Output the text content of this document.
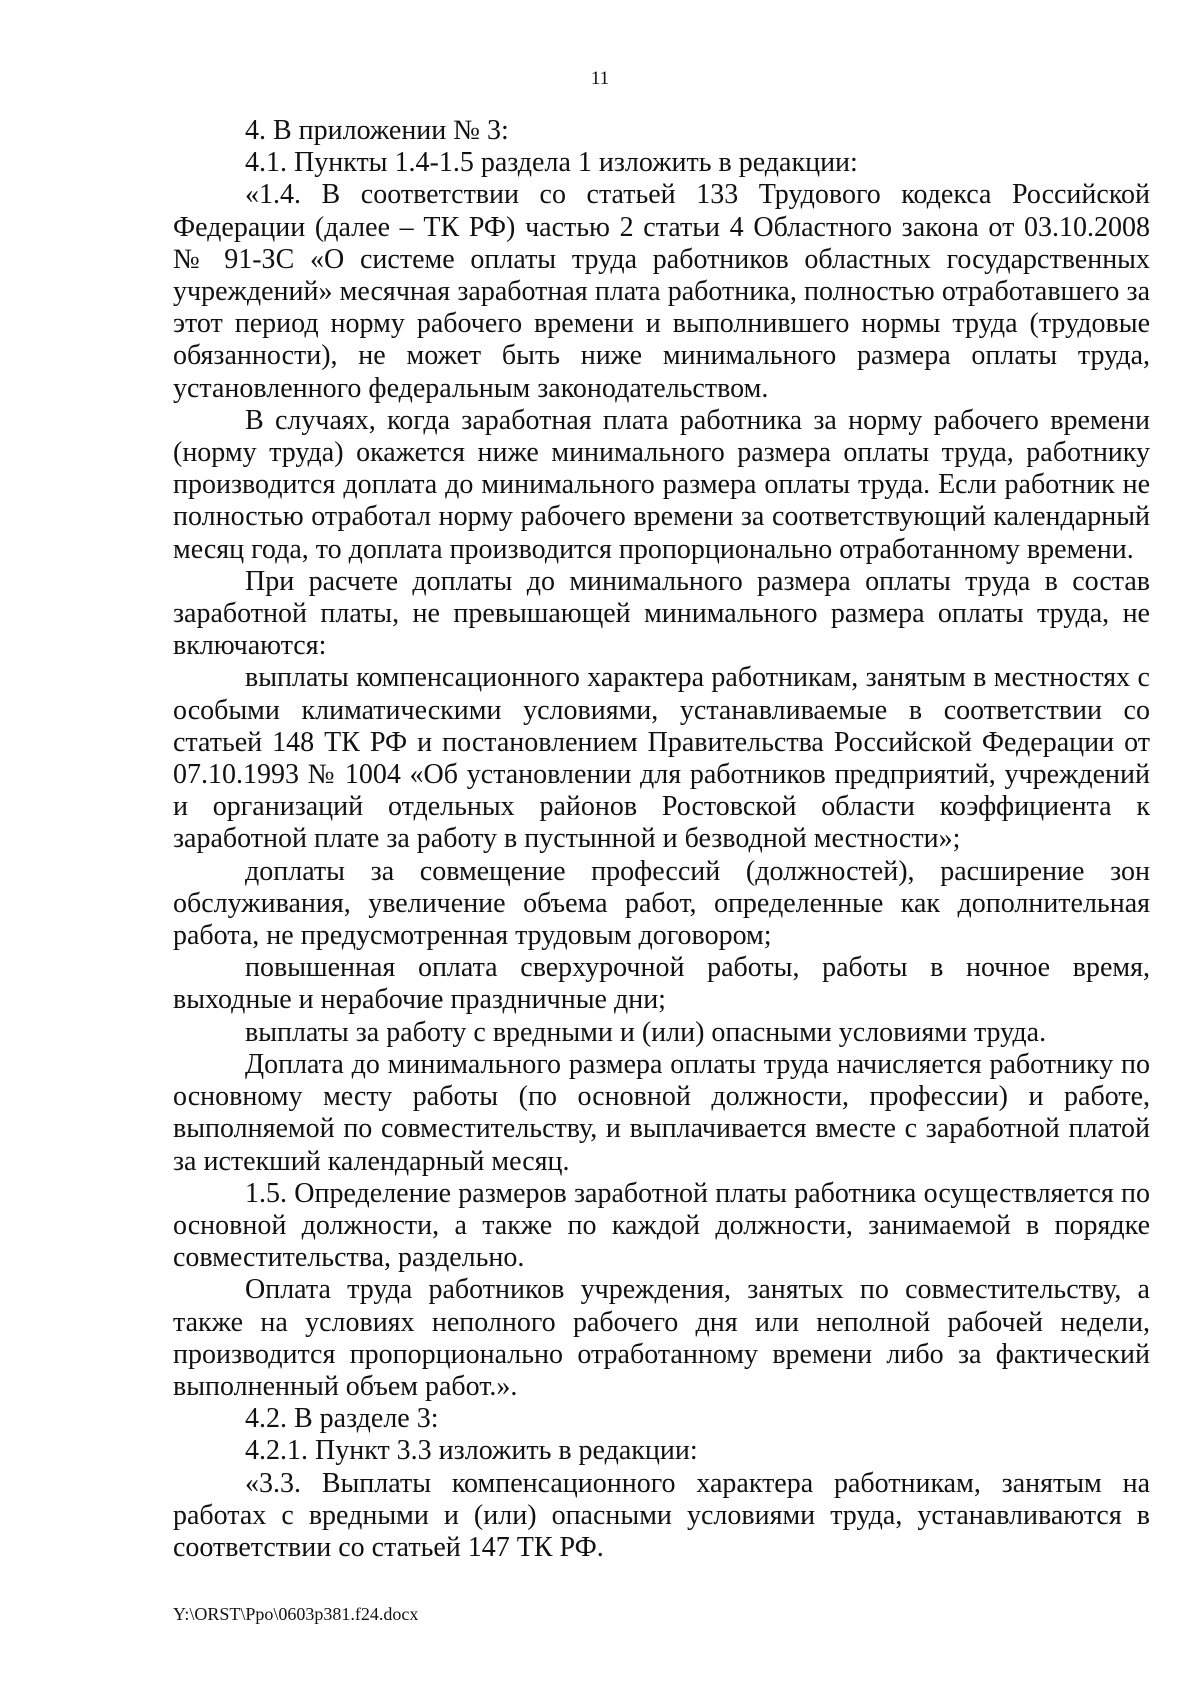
11

4. В приложении № 3:

4.1. Пункты 1.4-1.5 раздела 1 изложить в редакции:

«1.4. В соответствии со статьей 133 Трудового кодекса Российской Федерации (далее – ТК РФ) частью 2 статьи 4 Областного закона от 03.10.2008 № 91-ЗС «О системе оплаты труда работников областных государственных учреждений» месячная заработная плата работника, полностью отработавшего за этот период норму рабочего времени и выполнившего нормы труда (трудовые обязанности), не может быть ниже минимального размера оплаты труда, установленного федеральным законодательством.

В случаях, когда заработная плата работника за норму рабочего времени (норму труда) окажется ниже минимального размера оплаты труда, работнику производится доплата до минимального размера оплаты труда. Если работник не полностью отработал норму рабочего времени за соответствующий календарный месяц года, то доплата производится пропорционально отработанному времени.

При расчете доплаты до минимального размера оплаты труда в состав заработной платы, не превышающей минимального размера оплаты труда, не включаются:

выплаты компенсационного характера работникам, занятым в местностях с особыми климатическими условиями, устанавливаемые в соответствии со статьей 148 ТК РФ и постановлением Правительства Российской Федерации от 07.10.1993 № 1004 «Об установлении для работников предприятий, учреждений и организаций отдельных районов Ростовской области коэффициента к заработной плате за работу в пустынной и безводной местности»;

доплаты за совмещение профессий (должностей), расширение зон обслуживания, увеличение объема работ, определенные как дополнительная работа, не предусмотренная трудовым договором;

повышенная оплата сверхурочной работы, работы в ночное время, выходные и нерабочие праздничные дни;

выплаты за работу с вредными и (или) опасными условиями труда.

Доплата до минимального размера оплаты труда начисляется работнику по основному месту работы (по основной должности, профессии) и работе, выполняемой по совместительству, и выплачивается вместе с заработной платой за истекший календарный месяц.

1.5. Определение размеров заработной платы работника осуществляется по основной должности, а также по каждой должности, занимаемой в порядке совместительства, раздельно.

Оплата труда работников учреждения, занятых по совместительству, а также на условиях неполного рабочего дня или неполной рабочей недели, производится пропорционально отработанному времени либо за фактический выполненный объем работ.».

4.2. В разделе 3:

4.2.1. Пункт 3.3 изложить в редакции:

«3.3. Выплаты компенсационного характера работникам, занятым на работах с вредными и (или) опасными условиями труда, устанавливаются в соответствии со статьей 147 ТК РФ.

Y:\ORST\Ppo\0603p381.f24.docx
